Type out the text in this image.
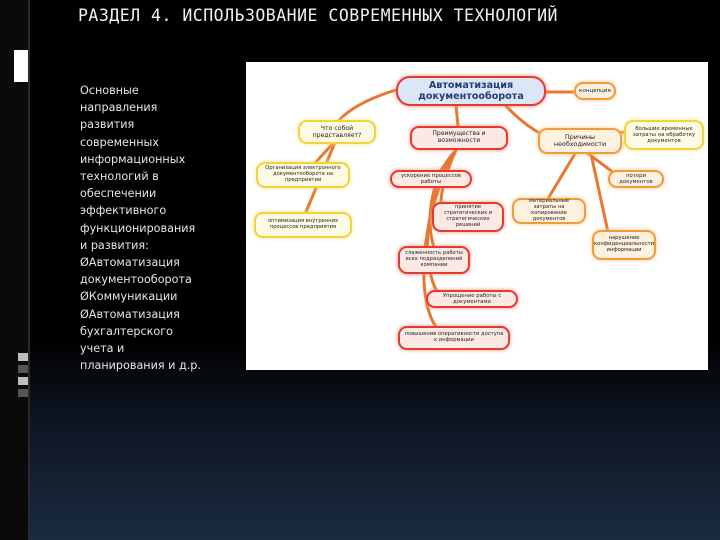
РАЗДЕЛ 4. ИСПОЛЬЗОВАНИЕ СОВРЕМЕННЫХ ТЕХНОЛОГИЙ
Основные
направления
развития
современных
информационных
технологий в
обеспечении
эффективного
функционирования
и развития:
ØАвтоматизация
документооборота
ØКоммуникации
ØАвтоматизация
бухгалтерского
учета и
планирования и д.р.
Автоматизация документооборота
концепция
Что собой представляет?	Преимущества и возможности	Причины необходимости
большие временные затраты на обработку документов
Организация электронного документооборота на предприятии
ускорение процессов работы
потери документов
оптимизация внутренних процессов предприятия
принятие стратегических и стратегических решений
материальные затраты на копирование документов
нарушение конфиденциальности информации
слаженность работы всех подразделений компании
Упрощение работы с документами
повышение оперативности доступа к информации
